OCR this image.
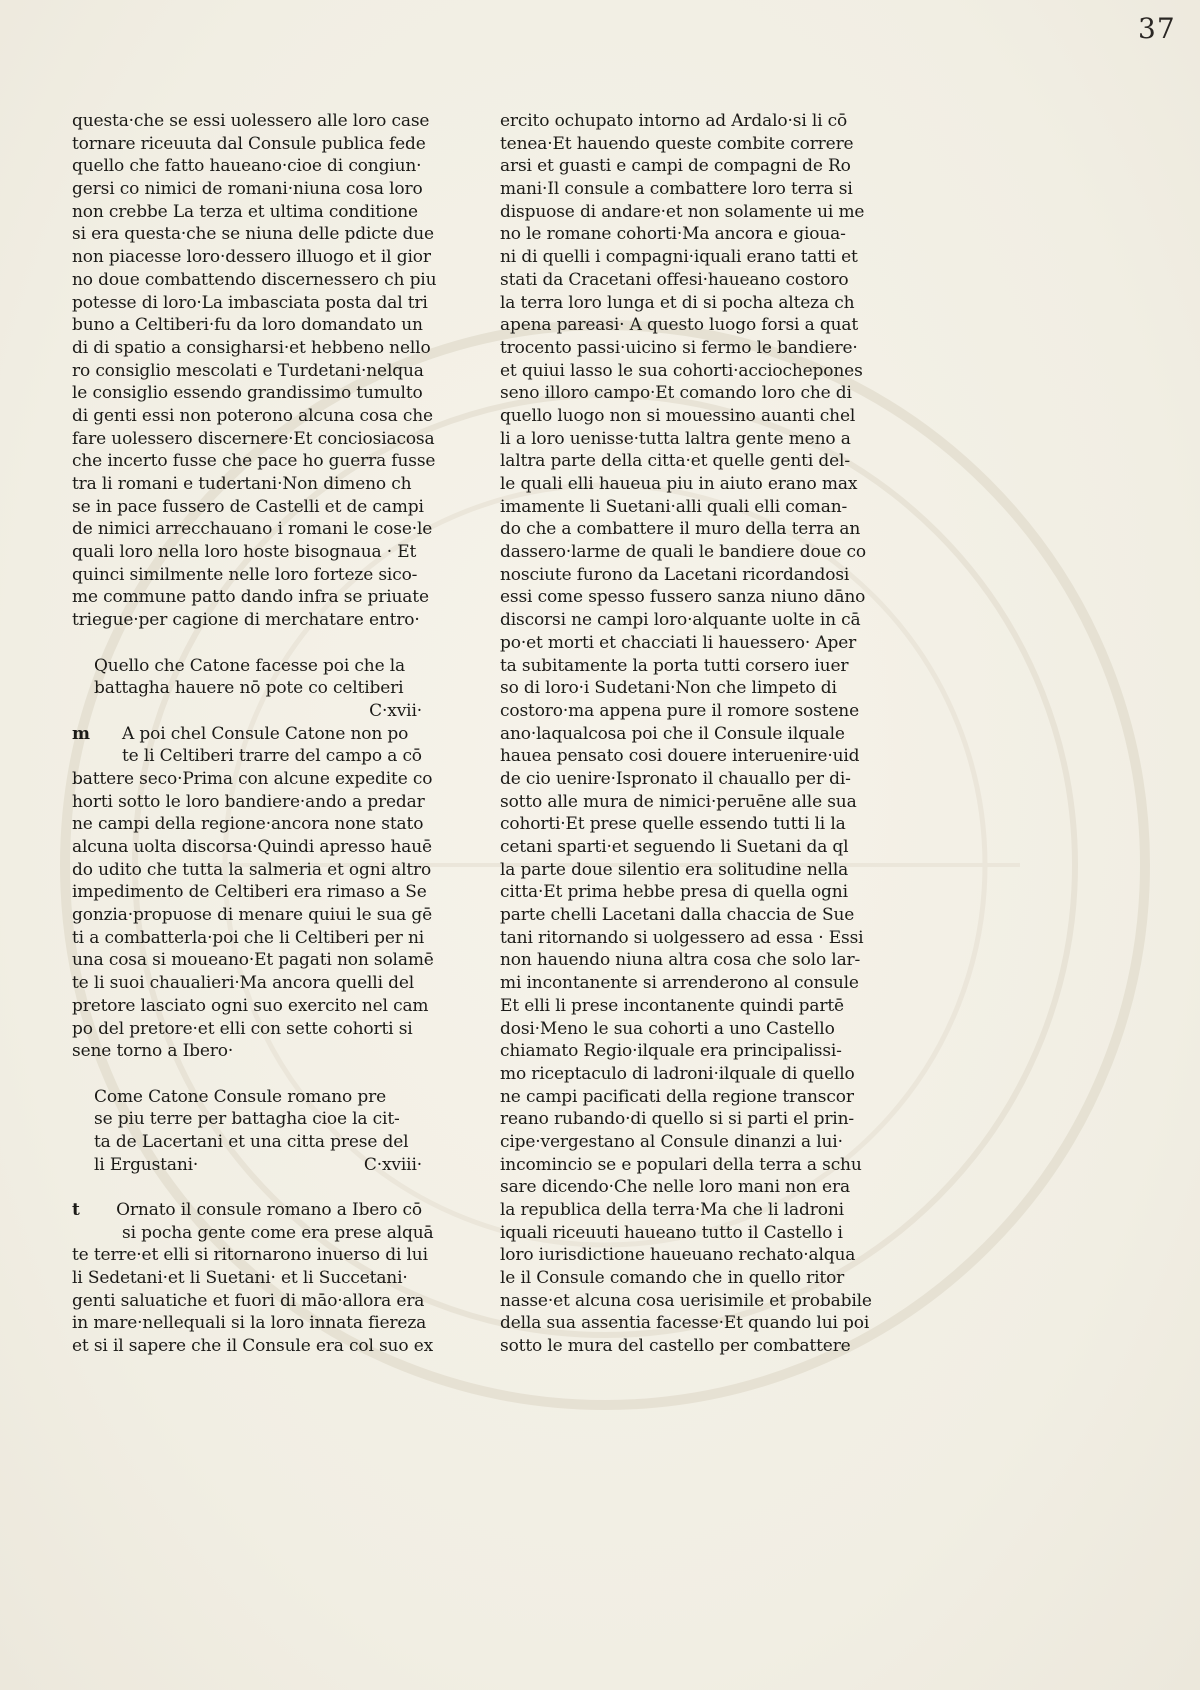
37
questa·che se essi uolessero alle loro case
tornare riceuuta dal Consule publica fede
quello che fatto haueano·cioe di congiun·
gersi co nimici de romani·niuna cosa loro
non crebbe La terza et ultima conditione
si era questa·che se niuna delle pdicte due
non piacesse loro·dessero illuogo et il gior
no doue combattendo discernessero ch piu
potesse di loro·La imbasciata posta dal tri
buno a Celtiberi·fu da loro domandato un
di di spatio a consigharsi·et hebbeno nello
ro consiglio mescolati e Turdetani·nelqua
le consiglio essendo grandissimo tumulto
di genti essi non poterono alcuna cosa che
fare uolessero discernere·Et conciosiacosa
che incerto fusse che pace ho guerra fusse
tra li romani e tudertani·Non dimeno ch
se in pace fussero de Castelli et de campi
de nimici arrecchauano i romani le cose·le
quali loro nella loro hoste bisognaua · Et
quinci similmente nelle loro forteze sico-
me commune patto dando infra se priuate
triegue·per cagione di merchatare entro·
Quello che Catone facesse poi che la
battagha hauere nō pote co celtiberi
C·xvii·
m	A poi chel Consule Catone non po
te li Celtiberi trarre del campo a cō
battere seco·Prima con alcune expedite co
horti sotto le loro bandiere·ando a predar
ne campi della regione·ancora none stato
alcuna uolta discorsa·Quindi apresso hauē
do udito che tutta la salmeria et ogni altro
impedimento de Celtiberi era rimaso a Se
gonzia·propuose di menare quiui le sua gē
ti a combatterla·poi che li Celtiberi per ni
una cosa si moueano·Et pagati non solamē
te li suoi chaualieri·Ma ancora quelli del
pretore lasciato ogni suo exercito nel cam
po del pretore·et elli con sette cohorti si
sene torno a Ibero·
Come Catone Consule romano pre
se piu terre per battagha cioe la cit-
ta de Lacertani et una citta prese del
li Ergustani·	C·xviii·
t	Ornato il consule romano a Ibero cō
si pocha gente come era prese alquā
te terre·et elli si ritornarono inuerso di lui
li Sedetani·et li Suetani· et li Succetani·
genti saluatiche et fuori di māo·allora era
in mare·nellequali si la loro innata fiereza
et si il sapere che il Consule era col suo ex
ercito ochupato intorno ad Ardalo·si li cō
tenea·Et hauendo queste combite correre
arsi et guasti e campi de compagni de Ro
mani·Il consule a combattere loro terra si
dispuose di andare·et non solamente ui me
no le romane cohorti·Ma ancora e gioua-
ni di quelli i compagni·iquali erano tatti et
stati da Cracetani offesi·haueano costoro
la terra loro lunga et di si pocha alteza ch
apena pareasi· A questo luogo forsi a quat
trocento passi·uicino si fermo le bandiere·
et quiui lasso le sua cohorti·acciochepones
seno illoro campo·Et comando loro che di
quello luogo non si mouessino auanti chel
li a loro uenisse·tutta laltra gente meno a
laltra parte della citta·et quelle genti del-
le quali elli haueua piu in aiuto erano max
imamente li Suetani·alli quali elli coman-
do che a combattere il muro della terra an
dassero·larme de quali le bandiere doue co
nosciute furono da Lacetani ricordandosi
essi come spesso fussero sanza niuno dāno
discorsi ne campi loro·alquante uolte in cā
po·et morti et chacciati li hauessero· Aper
ta subitamente la porta tutti corsero iuer
so di loro·i Sudetani·Non che limpeto di
costoro·ma appena pure il romore sostene
ano·laqualcosa poi che il Consule ilquale
hauea pensato cosi douere interuenire·uid
de cio uenire·Ispronato il chauallo per di-
sotto alle mura de nimici·peruēne alle sua
cohorti·Et prese quelle essendo tutti li la
cetani sparti·et seguendo li Suetani da ql
la parte doue silentio era solitudine nella
citta·Et prima hebbe presa di quella ogni
parte chelli Lacetani dalla chaccia de Sue
tani ritornando si uolgessero ad essa · Essi
non hauendo niuna altra cosa che solo lar-
mi incontanente si arrenderono al consule
Et elli li prese incontanente quindi partē
dosi·Meno le sua cohorti a uno Castello
chiamato Regio·ilquale era principalissi-
mo riceptaculo di ladroni·ilquale di quello
ne campi pacificati della regione transcor
reano rubando·di quello si si parti el prin-
cipe·vergestano al Consule dinanzi a lui·
incomincio se e populari della terra a schu
sare dicendo·Che nelle loro mani non era
la republica della terra·Ma che li ladroni
iquali riceuuti haueano tutto il Castello i
loro iurisdictione haueuano rechato·alqua
le il Consule comando che in quello ritor
nasse·et alcuna cosa uerisimile et probabile
della sua assentia facesse·Et quando lui poi
sotto le mura del castello per combattere
